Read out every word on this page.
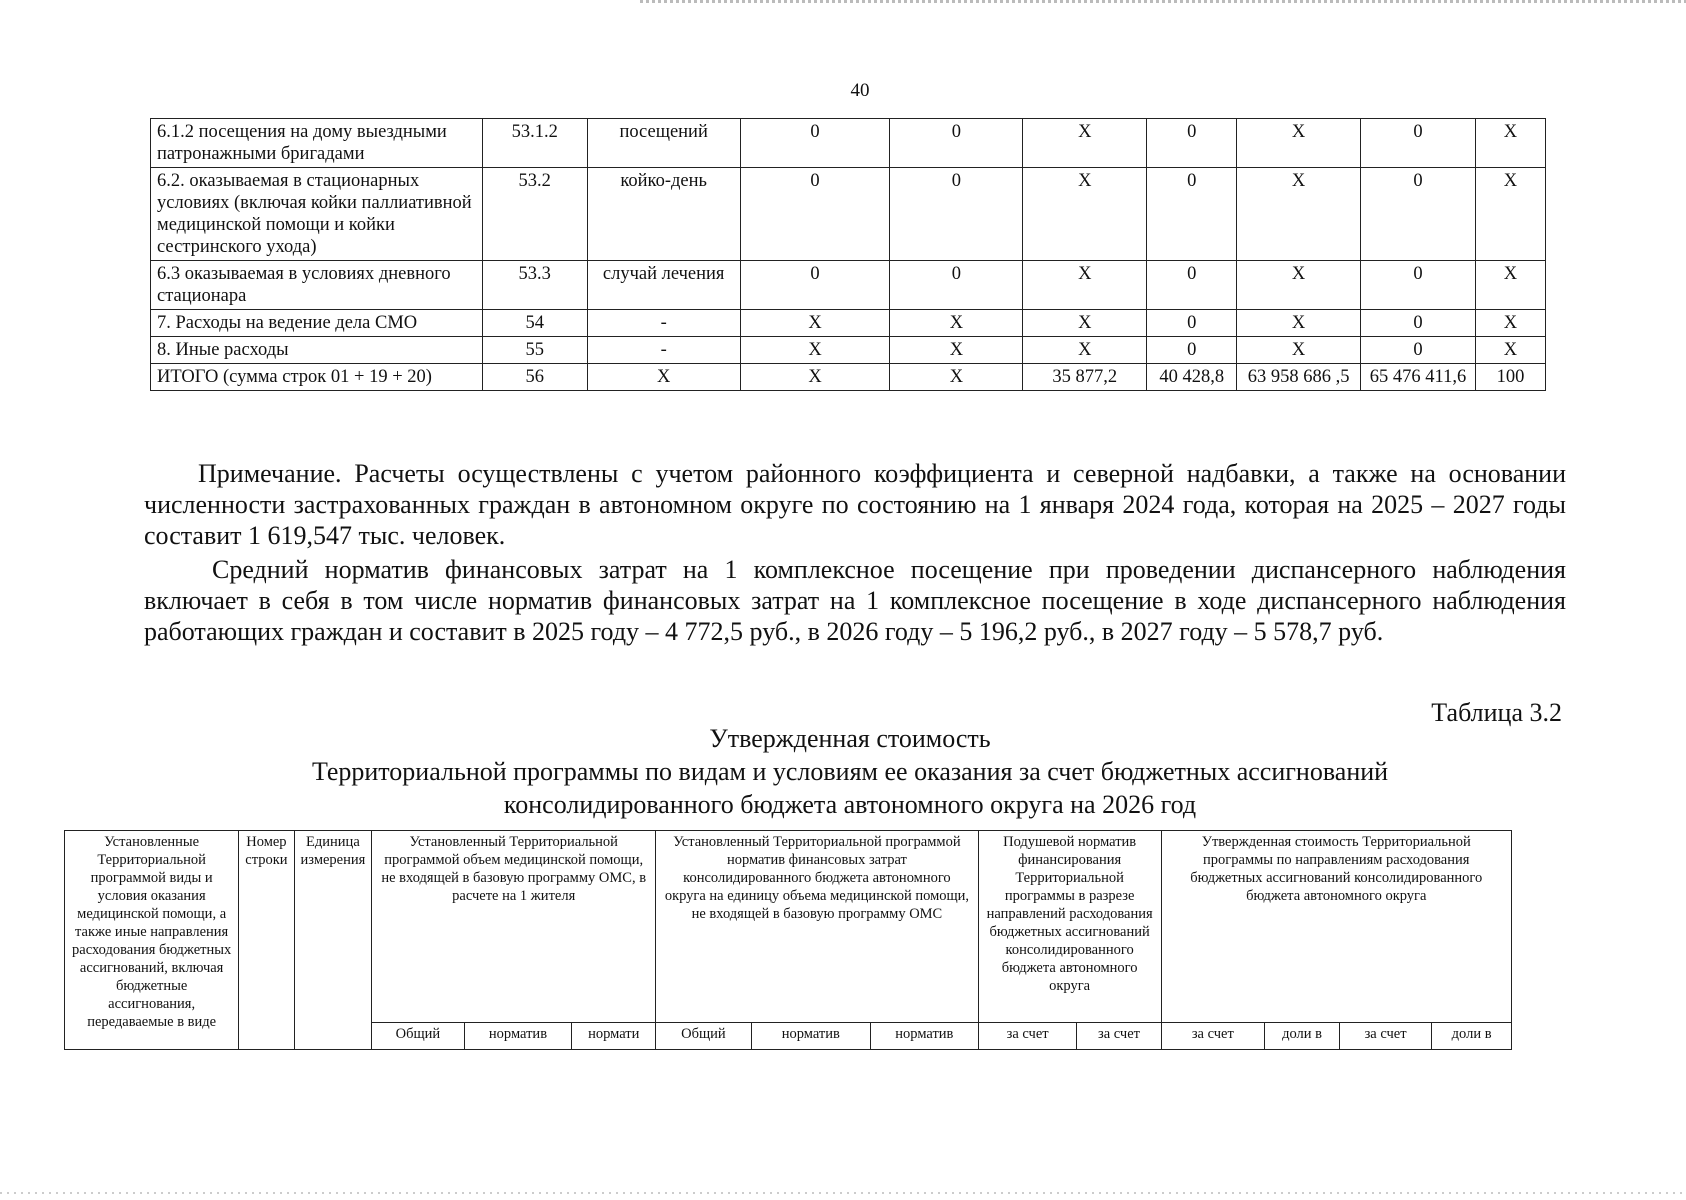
40
6.1.2 посещения на дому выездными патронажными бригадами	53.1.2	посещений	0	0	X	0	X	0	X
6.2. оказываемая в стационарных условиях (включая койки паллиативной медицинской помощи и койки сестринского ухода)	53.2	койко-день	0	0	X	0	X	0	X
6.3 оказываемая в условиях дневного стационара	53.3	случай лечения	0	0	X	0	X	0	X
7. Расходы на ведение дела СМО	54	-	X	X	X	0	X	0	X
8. Иные расходы	55	-	X	X	X	0	X	0	X
ИТОГО (сумма строк 01 + 19 + 20)	56	X	X	X	35 877,2	40 428,8	63 958 686 ,5	65 476 411,6	100

Примечание. Расчеты осуществлены с учетом районного коэффициента и северной надбавки, а также на основании численности застрахованных граждан в автономном округе по состоянию на 1 января 2024 года, которая на 2025 – 2027 годы составит 1 619,547 тыс. человек.

Средний норматив финансовых затрат на 1 комплексное посещение при проведении диспансерного наблюдения включает в себя в том числе норматив финансовых затрат на 1 комплексное посещение в ходе диспансерного наблюдения работающих граждан и составит в 2025 году – 4 772,5 руб., в 2026 году – 5 196,2 руб., в 2027 году – 5 578,7 руб.

Таблица 3.2
Утвержденная стоимость
Территориальной программы по видам и условиям ее оказания за счет бюджетных ассигнований
консолидированного бюджета автономного округа на 2026 год
Установленные Территориальной программой виды и условия оказания медицинской помощи, а также иные направления расходования бюджетных ассигнований, включая бюджетные ассигнования, передаваемые в виде	Номер строки	Единица измерения	Установленный Территориальной программой объем медицинской помощи, не входящей в базовую программу ОМС, в расчете на 1 жителя			Установленный Территориальной программой норматив финансовых затрат консолидированного бюджета автономного округа на единицу объема медицинской помощи, не входящей в базовую программу ОМС			Подушевой норматив финансирования Территориальной программы в разрезе направлений расходования бюджетных ассигнований консолидированного бюджета автономного округа		Утвержденная стоимость Территориальной программы по направлениям расходования бюджетных ассигнований консолидированного бюджета автономного округа			
			Общий	норматив	нормати	Общий	норматив	норматив	за счет	за счет	за счет	доли в	за счет	доли в
